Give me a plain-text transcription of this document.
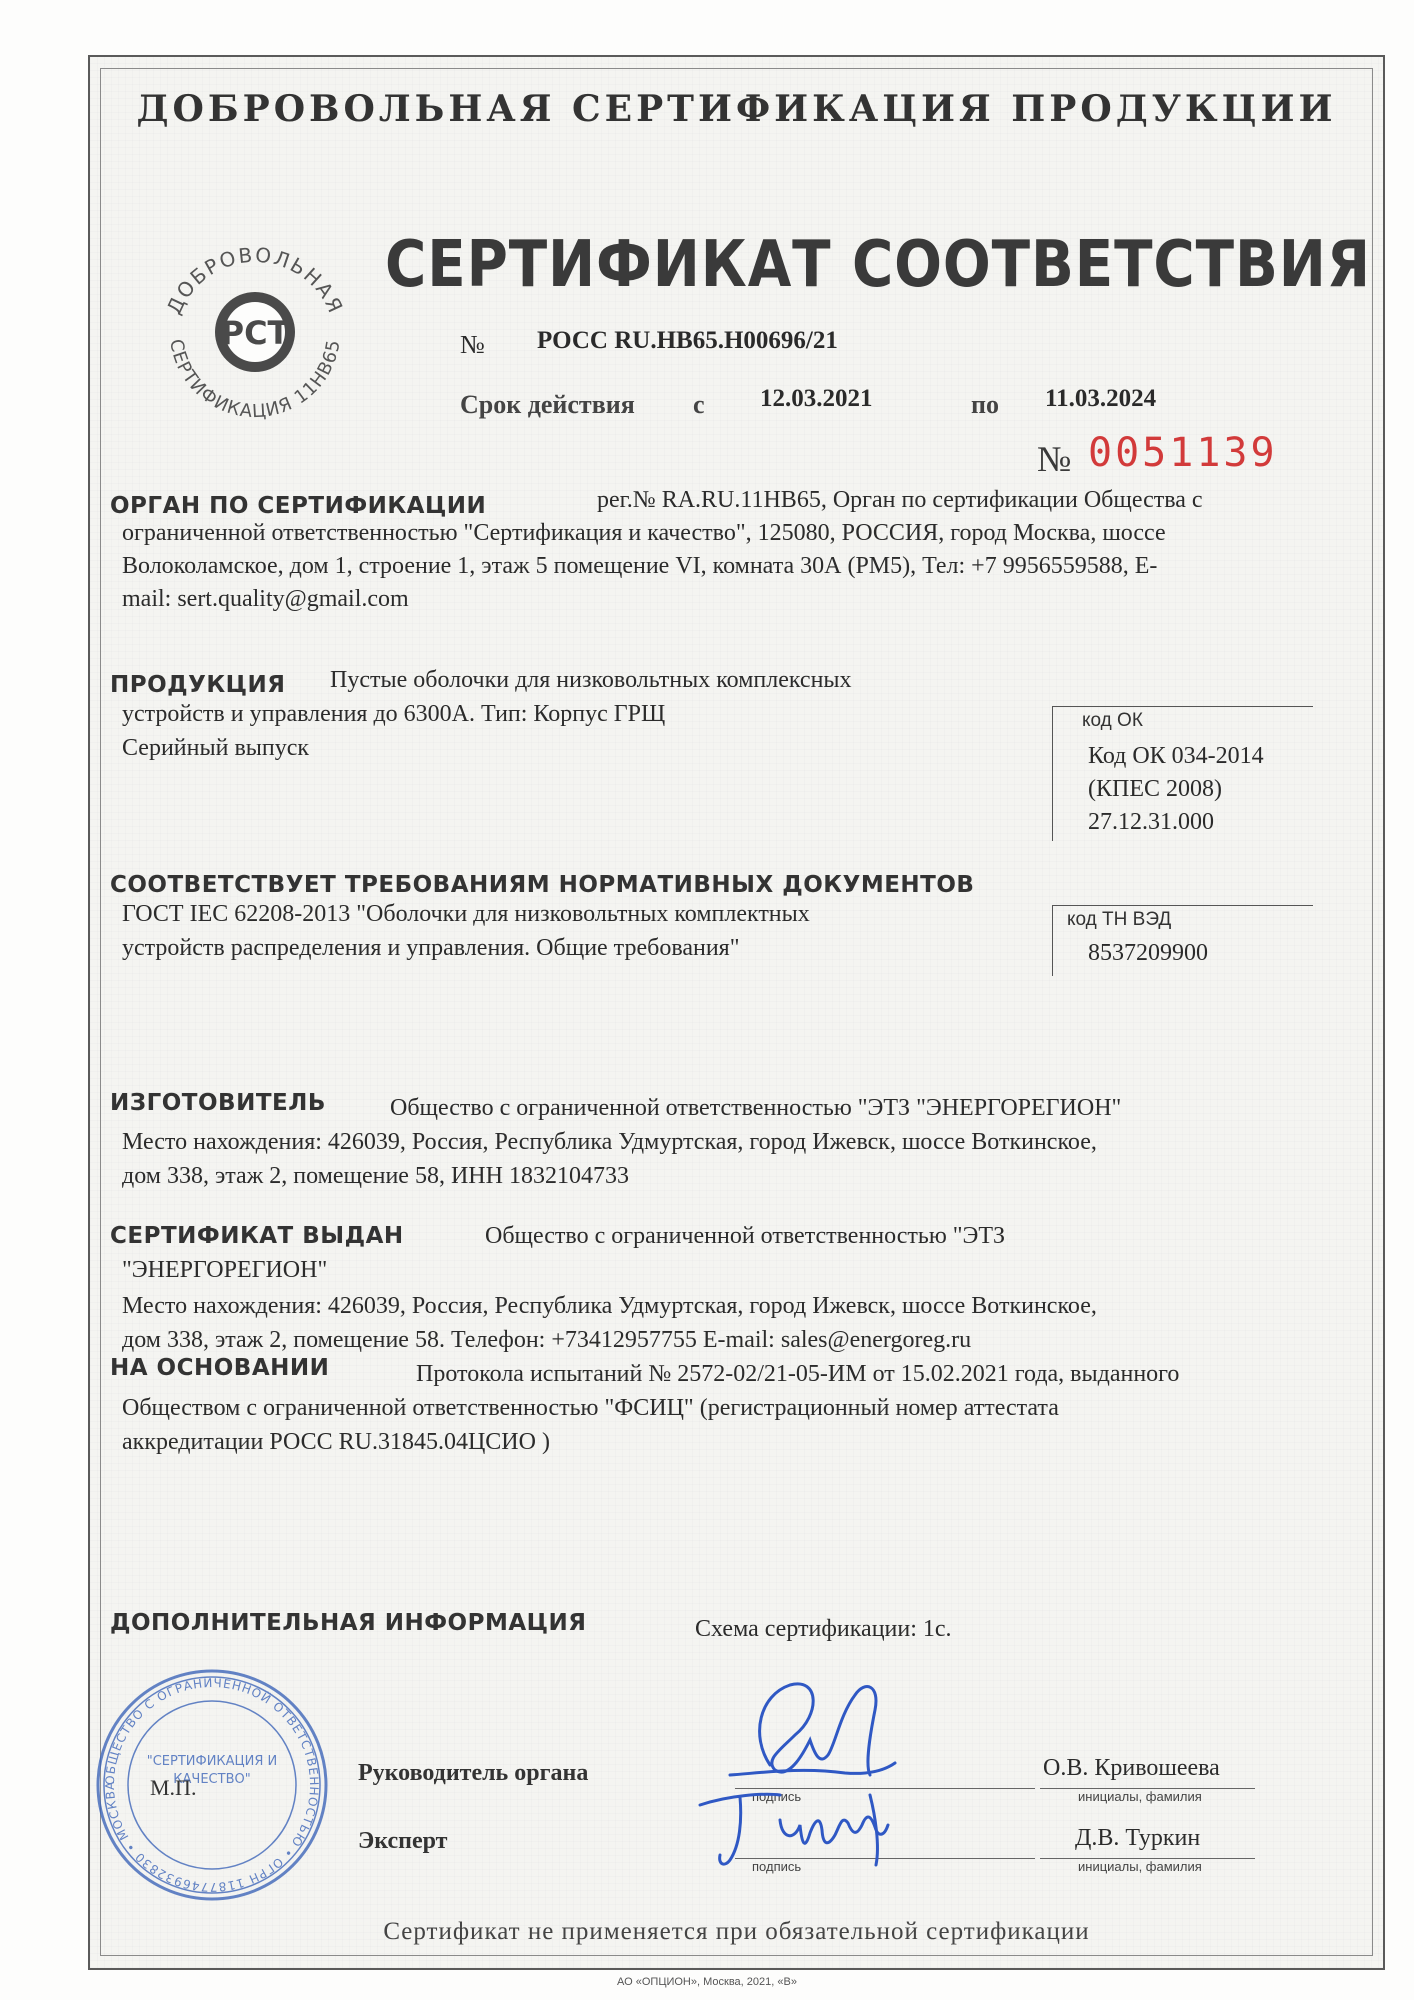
ДОБРОВОЛЬНАЯ СЕРТИФИКАЦИЯ ПРОДУКЦИИ
ДОБРОВОЛЬНАЯ
СЕРТИФИКАЦИЯ 11НВ65
РСТ
СЕРТИФИКАТ СООТВЕТСТВИЯ
№ РОСС RU.НВ65.Н00696/21
Срок действия с 12.03.2021	по 11.03.2024
№ 0051139
ОРГАН ПО СЕРТИФИКАЦИИ	рег.№ RA.RU.11НВ65, Орган по сертификации Общества с
ограниченной ответственностью "Сертификация и качество", 125080, РОССИЯ, город Москва, шоссе
Волоколамское, дом 1, строение 1, этаж 5 помещение VI, комната 30А (РМ5), Тел: +7 9956559588, E-
mail: sert.quality@gmail.com
ПРОДУКЦИЯ Пустые оболочки для низковольтных комплексных
устройств и управления до 6300А. Тип: Корпус ГРЩ
Серийный выпуск
код ОК
Код ОК 034-2014
(КПЕС 2008)
27.12.31.000
СООТВЕТСТВУЕТ ТРЕБОВАНИЯМ НОРМАТИВНЫХ ДОКУМЕНТОВ
ГОСТ IEC 62208-2013 "Оболочки для низковольтных комплектных
устройств распределения и управления. Общие требования"
код ТН ВЭД
8537209900
ИЗГОТОВИТЕЛЬ	Общество с ограниченной ответственностью "ЭТЗ "ЭНЕРГОРЕГИОН"
Место нахождения: 426039, Россия, Республика Удмуртская, город Ижевск, шоссе Воткинское,
дом 338, этаж 2, помещение 58, ИНН 1832104733
СЕРТИФИКАТ ВЫДАН	Общество с ограниченной ответственностью "ЭТЗ
"ЭНЕРГОРЕГИОН"
Место нахождения: 426039, Россия, Республика Удмуртская, город Ижевск, шоссе Воткинское,
дом 338, этаж 2, помещение 58. Телефон: +73412957755 E-mail: sales@energoreg.ru
НА ОСНОВАНИИ	Протокола испытаний № 2572-02/21-05-ИМ от 15.02.2021 года, выданного
Обществом с ограниченной ответственностью "ФСИЦ" (регистрационный номер аттестата
аккредитации РОСС RU.31845.04ЦСИО )
ДОПОЛНИТЕЛЬНАЯ ИНФОРМАЦИЯ	Схема сертификации: 1с.
ОБЩЕСТВО С ОГРАНИЧЕННОЙ ОТВЕТСТВЕННОСТЬЮ • ОГРН 1187746932830 • МОСКВА
"СЕРТИФИКАЦИЯ И
КАЧЕСТВО"
М.П.
Руководитель органа
подпись
О.В. Кривошеева
инициалы, фамилия
Эксперт
подпись
Д.В. Туркин
инициалы, фамилия
Сертификат не применяется при обязательной сертификации
АО «ОПЦИОН», Москва, 2021, «В»
